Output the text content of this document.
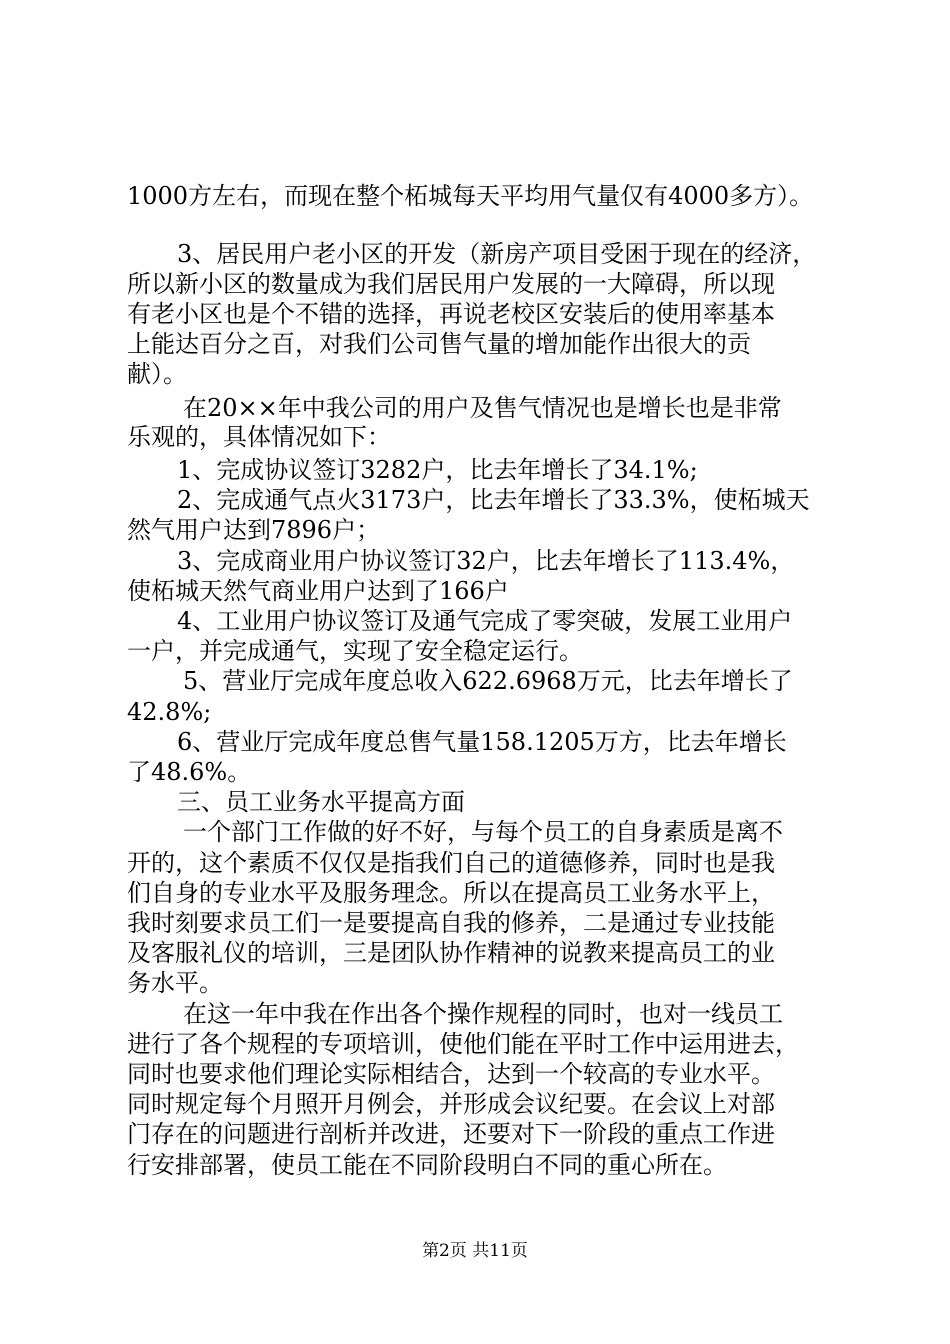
1000方左右，而现在整个柘城每天平均用气量仅有4000多方）。
3、居民用户老小区的开发（新房产项目受困于现在的经济，
所以新小区的数量成为我们居民用户发展的一大障碍，所以现
有老小区也是个不错的选择，再说老校区安装后的使用率基本
上能达百分之百，对我们公司售气量的增加能作出很大的贡
献）。
在20××年中我公司的用户及售气情况也是增长也是非常
乐观的，具体情况如下：
1、完成协议签订3282户，比去年增长了34.1%;
2、完成通气点火3173户，比去年增长了33.3%，使柘城天
然气用户达到7896户；
3、完成商业用户协议签订32户，比去年增长了113.4%，
使柘城天然气商业用户达到了166户
4、工业用户协议签订及通气完成了零突破，发展工业用户
一户，并完成通气，实现了安全稳定运行。
5、营业厅完成年度总收入622.6968万元，比去年增长了
42.8%;
6、营业厅完成年度总售气量158.1205万方，比去年增长
了48.6%。
三、员工业务水平提高方面
一个部门工作做的好不好，与每个员工的自身素质是离不
开的，这个素质不仅仅是指我们自己的道德修养，同时也是我
们自身的专业水平及服务理念。所以在提高员工业务水平上，
我时刻要求员工们一是要提高自我的修养，二是通过专业技能
及客服礼仪的培训，三是团队协作精神的说教来提高员工的业
务水平。
在这一年中我在作出各个操作规程的同时，也对一线员工
进行了各个规程的专项培训，使他们能在平时工作中运用进去，
同时也要求他们理论实际相结合，达到一个较高的专业水平。
同时规定每个月照开月例会，并形成会议纪要。在会议上对部
门存在的问题进行剖析并改进，还要对下一阶段的重点工作进
行安排部署，使员工能在不同阶段明白不同的重心所在。
第2页 共11页
